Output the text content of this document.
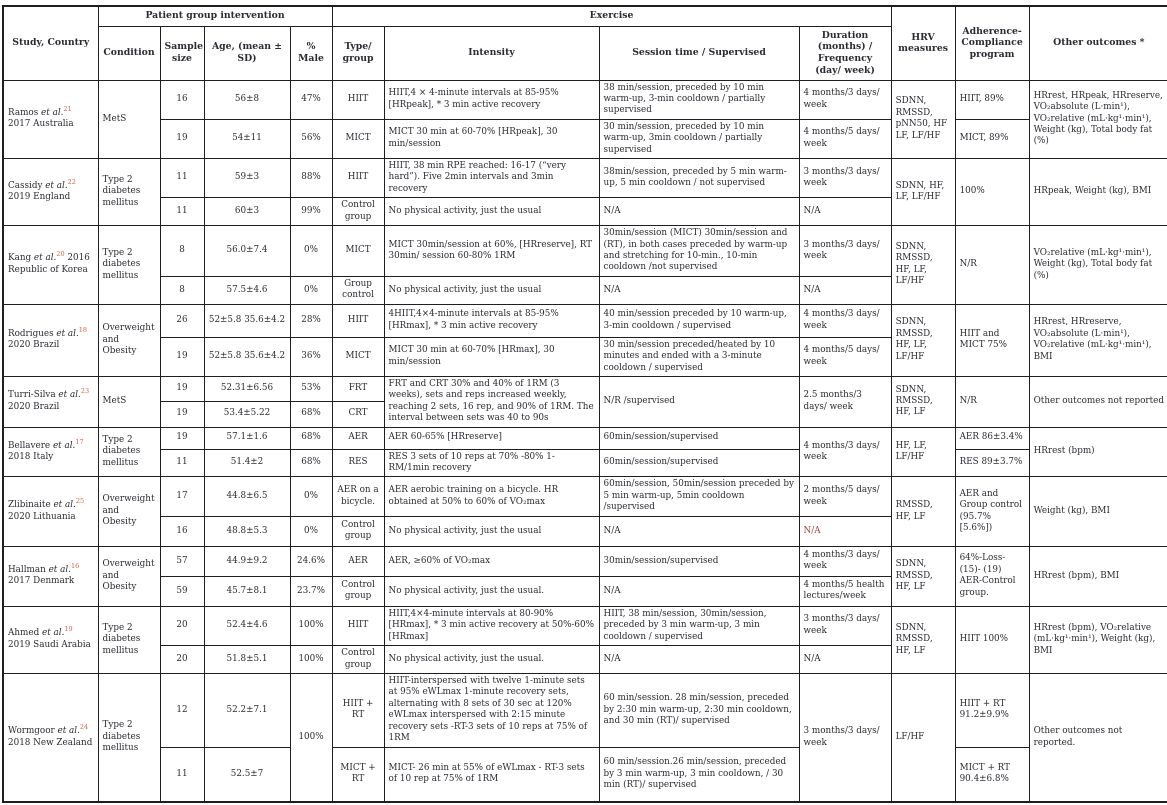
Study, Country	Patient group intervention				Exercise				HRV measures	Adherence- Compliance program	Other outcomes *
	Condition	Sample size	Age, (mean ± SD)	% Male	Type/ group	Intensity	Session time / Supervised	Duration (months) / Frequency (day/ week)			
Ramos et al.$^{21}$ 2017 Australia	MetS	16	56±8	47%	HIIT	HIIT,4 × 4-minute intervals at 85-95% [HRpeak], * 3 min active recovery	38 min/session, preceded by 10 min warm-up, 3-min cooldown / partially supervised	4 months/3 days/ week	SDNN, RMSSD, pNN50, HF LF, LF/HF	HIIT, 89%	HRrest, HRpeak, HRreserve, VO₂absolute (L·min¹), VO₂relative (mL·kg¹·min¹), Weight (kg), Total body fat (%)
		19	54±11	56%	MICT	MICT 30 min at 60-70% [HRpeak], 30 min/session	30 min/session, preceded by 10 min warm-up, 3min cooldown / partially supervised	4 months/5 days/ week		MICT, 89%	
Cassidy et al.$^{22}$ 2019 England	Type 2 diabetes mellitus	11	59±3	88%	HIIT	HIIT, 38 min RPE reached: 16-17 (“very hard”). Five 2min intervals and 3min recovery	38min/session, preceded by 5 min warm-up, 5 min cooldown / not supervised	3 months/3 days/ week	SDNN, HF, LF, LF/HF	100%	HRpeak, Weight (kg), BMI
		11	60±3	99%	Control group	No physical activity, just the usual	N/A	N/A			
Kang et al.$^{20}$ 2016 Republic of Korea	Type 2 diabetes mellitus	8	56.0±7.4	0%	MICT	MICT 30min/session at 60%, [HRreserve], RT 30min/ session 60-80% 1RM	30min/session (MICT) 30min/session and (RT), in both cases preceded by warm-up and stretching for 10-min., 10-min cooldown /not supervised	3 months/3 days/ week	SDNN, RMSSD, HF, LF, LF/HF	N/R	VO₂relative (mL·kg¹·min¹), Weight (kg), Total body fat (%)
		8	57.5±4.6	0%	Group control	No physical activity, just the usual	N/A	N/A			
Rodrigues et al.$^{18}$ 2020 Brazil	Overweight and Obesity	26	52±5.8 35.6±4.2	28%	HIIT	4HIIT,4×4-minute intervals at 85-95% [HRmax], * 3 min active recovery	40 min/session preceded by 10 warm-up, 3-min cooldown / supervised	4 months/3 days/ week	SDNN, RMSSD, HF, LF, LF/HF	HIIT and MICT 75%	HRrest, HRreserve, VO₂absolute (L·min¹), VO₂relative (mL·kg¹·min¹), BMI
		19	52±5.8 35.6±4.2	36%	MICT	MICT 30 min at 60-70% [HRmax], 30 min/session	30 min/session preceded/heated by 10 minutes and ended with a 3-minute cooldown / supervised	4 months/5 days/ week			
Turri-Silva et al.$^{23}$ 2020 Brazil	MetS	19	52.31±6.56	53%	FRT	FRT and CRT 30% and 40% of 1RM (3 weeks), sets and reps increased weekly, reaching 2 sets, 16 rep, and 90% of 1RM. The interval between sets was 40 to 90s	N/R /supervised	2.5 months/3 days/ week	SDNN, RMSSD, HF, LF	N/R	Other outcomes not reported
		19	53.4±5.22	68%	CRT						
Bellavere et al.$^{17}$ 2018 Italy	Type 2 diabetes mellitus	19	57.1±1.6	68%	AER	AER 60-65% [HRreserve]	60min/session/supervised	4 months/3 days/ week	HF, LF, LF/HF	AER 86±3.4%	HRrest (bpm)
		11	51.4±2	68%	RES	RES 3 sets of 10 reps at 70% -80% 1-RM/1min recovery	60min/session/supervised			RES 89±3.7%	
Zlibinaite et al.$^{25}$ 2020 Lithuania	Overweight and Obesity	17	44.8±6.5	0%	AER on a bicycle.	AER aerobic training on a bicycle. HR obtained at 50% to 60% of VO₂max	60min/session, 50min/session preceded by 5 min warm-up, 5min cooldown /supervised	2 months/5 days/ week	RMSSD, HF, LF	AER and Group control (95.7% [5.6%])	Weight (kg), BMI
		16	48.8±5.3	0%	Control group	No physical activity, just the usual	N/A	N/A			
Hallman et al.$^{16}$ 2017 Denmark	Overweight and Obesity	57	44.9±9.2	24.6%	AER	AER, ≥60% of VO₂max	30min/session/supervised	4 months/3 days/ week	SDNN, RMSSD, HF, LF	64%-Loss-(15)- (19) AER-Control group.	HRrest (bpm), BMI
		59	45.7±8.1	23.7%	Control group	No physical activity, just the usual.	N/A	4 months/5 health lectures/week			
Ahmed et al.$^{19}$ 2019 Saudi Arabia	Type 2 diabetes mellitus	20	52.4±4.6	100%	HIIT	HIIT,4×4-minute intervals at 80-90% [HRmax], * 3 min active recovery at 50%-60% [HRmax]	HIIT, 38 min/session, 30min/session, preceded by 3 min warm-up, 3 min cooldown / supervised	3 months/3 days/ week	SDNN, RMSSD, HF, LF	HIIT 100%	HRrest (bpm), VO₂relative (mL·kg¹·min¹), Weight (kg), BMI
		20	51.8±5.1	100%	Control group	No physical activity, just the usual.	N/A	N/A			
Wormgoor et al.$^{24}$ 2018 New Zealand	Type 2 diabetes mellitus	12	52.2±7.1	100%	HIIT + RT	HIIT-interspersed with twelve 1-minute sets at 95% eWLmax 1-minute recovery sets, alternating with 8 sets of 30 sec at 120% eWLmax interspersed with 2:15 minute recovery sets -RT-3 sets of 10 reps at 75% of 1RM	60 min/session. 28 min/session, preceded by 2:30 min warm-up, 2:30 min cooldown, and 30 min (RT)/ supervised	3 months/3 days/ week	LF/HF	HIIT + RT 91.2±9.9%	Other outcomes not reported.
		11	52.5±7		MICT + RT	MICT- 26 min at 55% of eWLmax - RT-3 sets of 10 rep at 75% of 1RM	60 min/session.26 min/session, preceded by 3 min warm-up, 3 min cooldown, / 30 min (RT)/ supervised			MICT + RT 90.4±6.8%	
